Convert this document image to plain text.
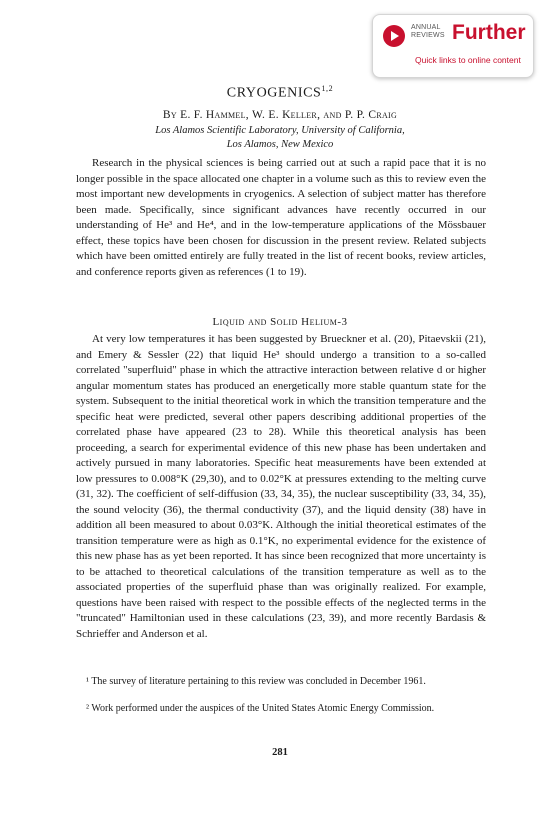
ANNUAL
REVIEWS Further
Quick links to online content
CRYOGENICS$^{1,2}$
By E. F. Hammel, W. E. Keller, and P. P. Craig
Los Alamos Scientific Laboratory, University of California,
Los Alamos, New Mexico

Research in the physical sciences is being carried out at such a rapid pace that it is no longer possible in the space allocated one chapter in a volume such as this to review even the most important new developments in cryogenics. A selection of subject matter has therefore been made. Specifically, since significant advances have recently occurred in our understanding of He³ and He⁴, and in the low-temperature applications of the Mössbauer effect, these topics have been chosen for discussion in the present review. Related subjects which have been omitted entirely are fully treated in the list of recent books, review articles, and conference reports given as references (1 to 19).

Liquid and Solid Helium-3

At very low temperatures it has been suggested by Brueckner et al. (20), Pitaevskii (21), and Emery & Sessler (22) that liquid He³ should undergo a transition to a so-called correlated "superfluid" phase in which the attractive interaction between relative d or higher angular momentum states has produced an energetically more stable quantum state for the system. Subsequent to the initial theoretical work in which the transition temperature and the specific heat were predicted, several other papers describing additional properties of the correlated phase have appeared (23 to 28). While this theoretical analysis has been proceeding, a search for experimental evidence of this new phase has been undertaken and actively pursued in many laboratories. Specific heat measurements have been extended at low pressures to 0.008°K (29,30), and to 0.02°K at pressures extending to the melting curve (31, 32). The coefficient of self-diffusion (33, 34, 35), the nuclear susceptibility (33, 34, 35), the sound velocity (36), the thermal conductivity (37), and the liquid density (38) have in addition all been measured to about 0.03°K. Although the initial theoretical estimates of the transition temperature were as high as 0.1°K, no experimental evidence for the existence of this new phase has as yet been reported. It has since been recognized that more uncertainty is to be attached to theoretical calculations of the transition temperature as well as to the associated properties of the superfluid phase than was originally realized. For example, questions have been raised with respect to the possible effects of the neglected terms in the "truncated" Hamiltonian used in these calculations (23, 39), and more recently Bardasis & Schrieffer and Anderson et al.

¹ The survey of literature pertaining to this review was concluded in December 1961.

² Work performed under the auspices of the United States Atomic Energy Commission.

281
